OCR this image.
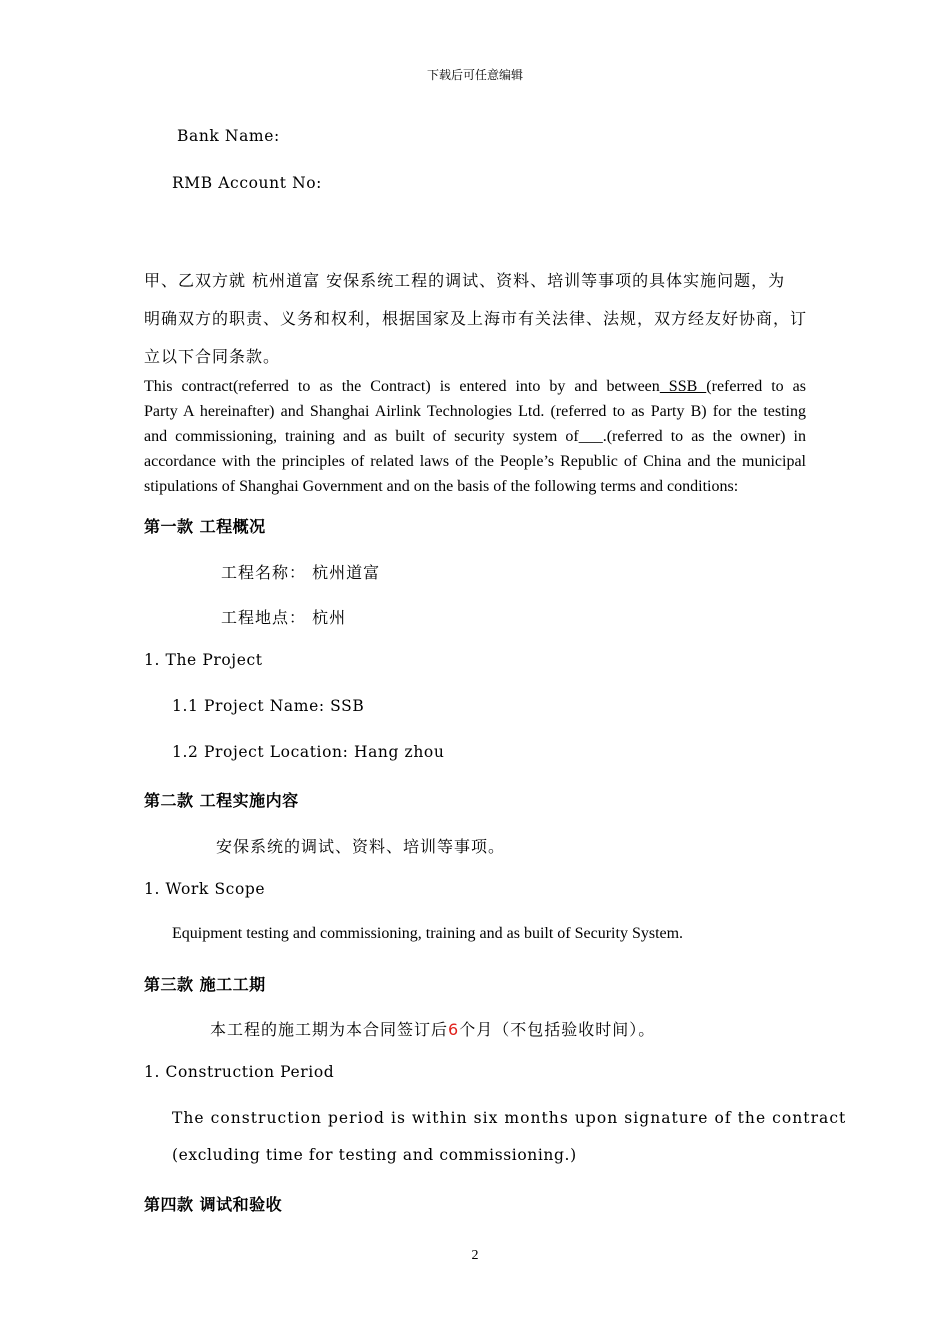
下载后可任意编辑
Bank Name:
RMB Account No:
甲、乙双方就 杭州道富 安保系统工程的调试、资料、培训等事项的具体实施问题，为
明确双方的职责、义务和权利，根据国家及上海市有关法律、法规，双方经友好协商，订
立以下合同条款。
This contract(referred to as the Contract) is entered into by and between SSB (referred to as
Party A hereinafter) and Shanghai Airlink Technologies Ltd. (referred to as Party B) for the testing
and commissioning, training and as built of security system of___.(referred to as the owner) in
accordance with the principles of related laws of the People’s Republic of China and the municipal
stipulations of Shanghai Government and on the basis of the following terms and conditions:
第一款 工程概况
工程名称： 杭州道富
工程地点： 杭州
1. The Project
1.1 Project Name: SSB
1.2 Project Location: Hang zhou
第二款 工程实施内容
安保系统的调试、资料、培训等事项。
1. Work Scope
Equipment testing and commissioning, training and as built of Security System.
第三款 施工工期
本工程的施工期为本合同签订后6个月（不包括验收时间）。
1. Construction Period
The construction period is within six months upon signature of the contract
(excluding time for testing and commissioning.)
第四款 调试和验收
2
